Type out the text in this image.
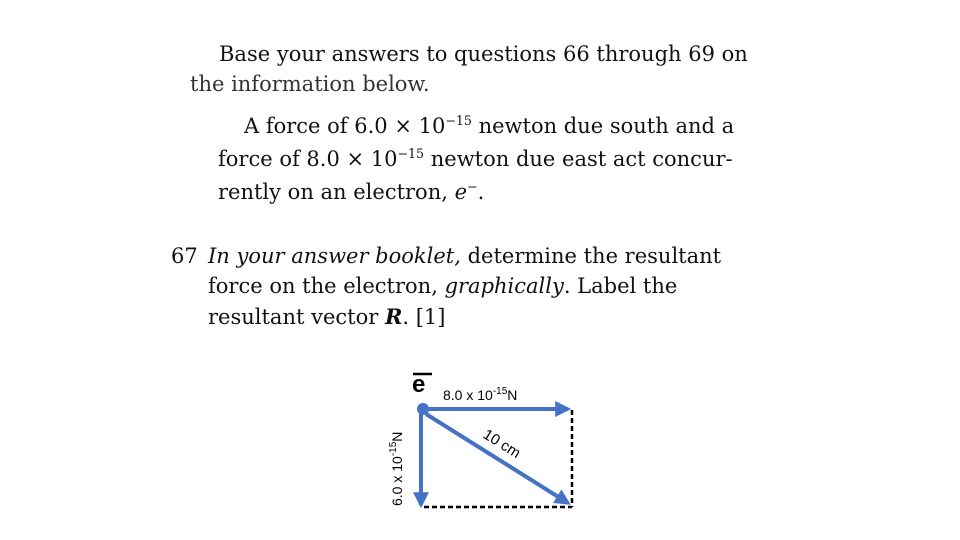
Base your answers to questions 66 through 69 on
the information below.
A force of $6.0 \times 10^{-15}$ newton due south and a
force of $8.0 \times 10^{-15}$ newton due east act concur-
rently on an electron, e−.
67 In your answer booklet, determine the resultant
force on the electron, graphically. Label the
resultant vector R. [1]
e 8.0 x $10^{-15}N$
6.0 x $10^{-15}N$	10 cm
